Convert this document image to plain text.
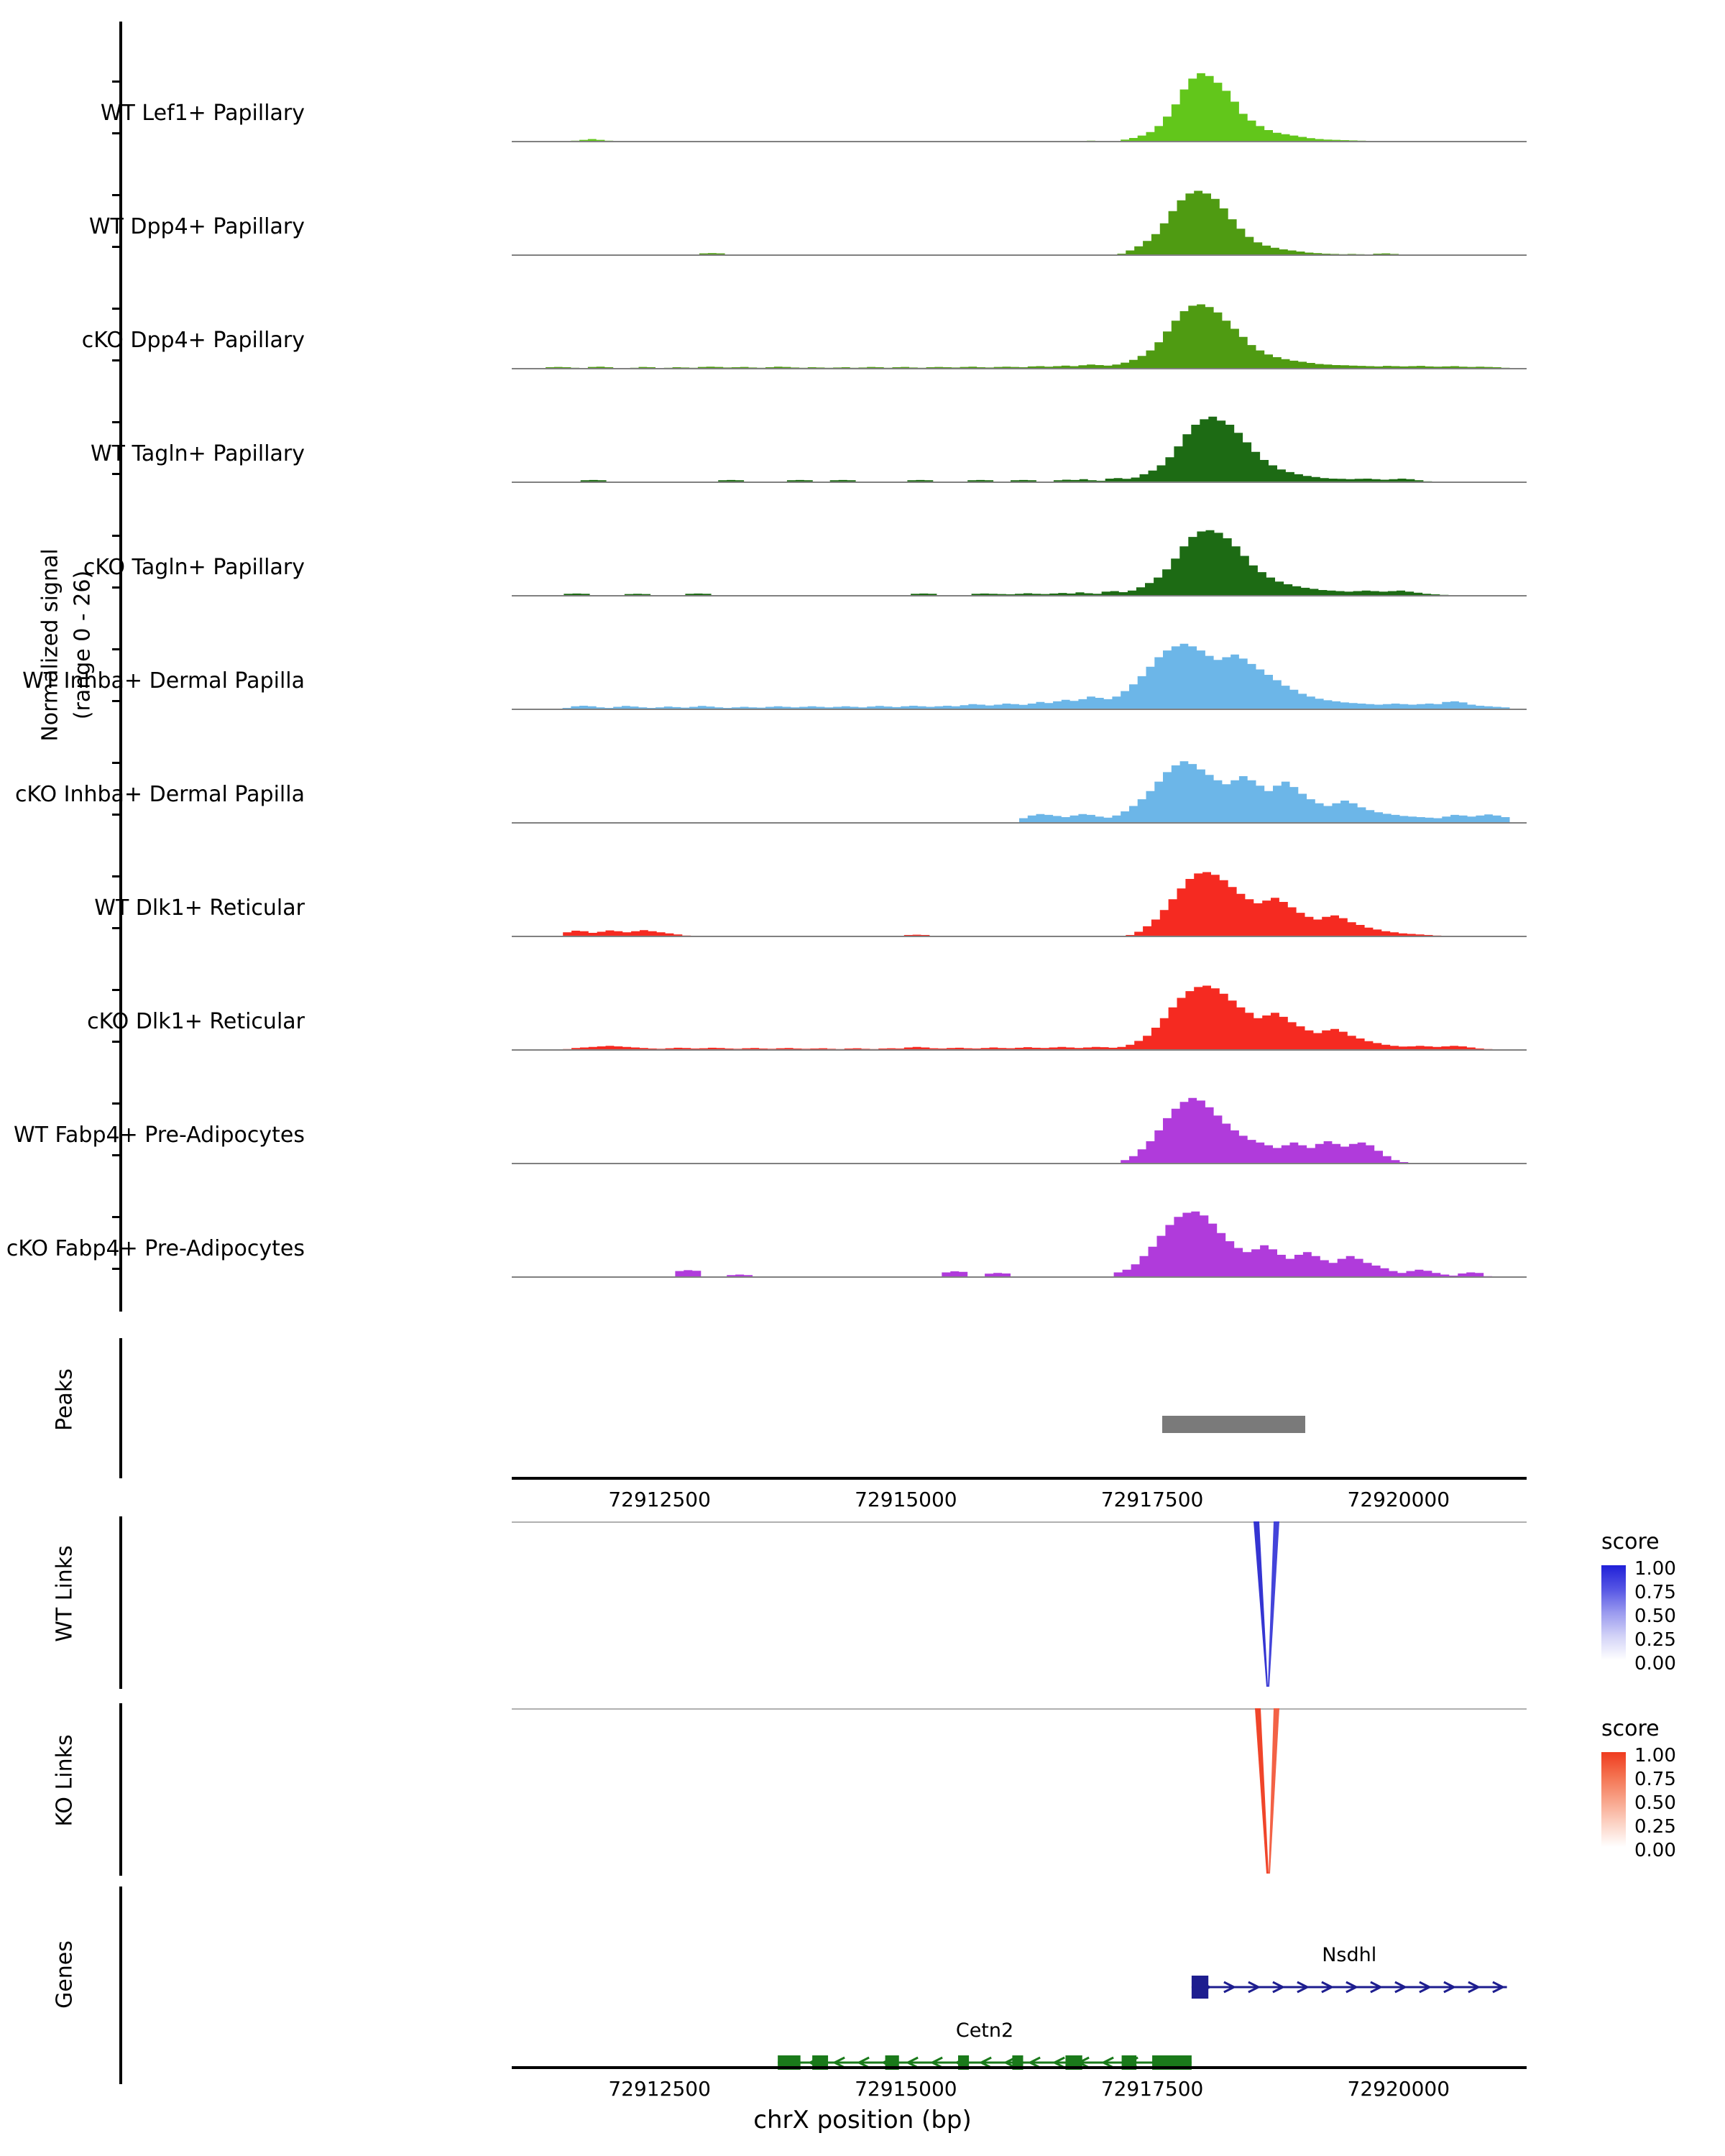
Normalized signal (range 0 - 26)
WT Lef1+ Papillary
WT Dpp4+ Papillary
cKO Dpp4+ Papillary
WT Tagln+ Papillary
cKO Tagln+ Papillary
WT Inhba+ Dermal Papilla
cKO Inhba+ Dermal Papilla
WT Dlk1+ Reticular
cKO Dlk1+ Reticular
WT Fabp4+ Pre-Adipocytes
cKO Fabp4+ Pre-Adipocytes
Peaks
72912500	72915000	72917500	72920000
WT Links
score
1.00
0.75
0.50
0.25
0.00
KO Links
score
1.00
0.75
0.50
0.25
0.00
Genes	Nsdhl
Cetn2
72912500	72915000	72917500	72920000
chrX position (bp)
